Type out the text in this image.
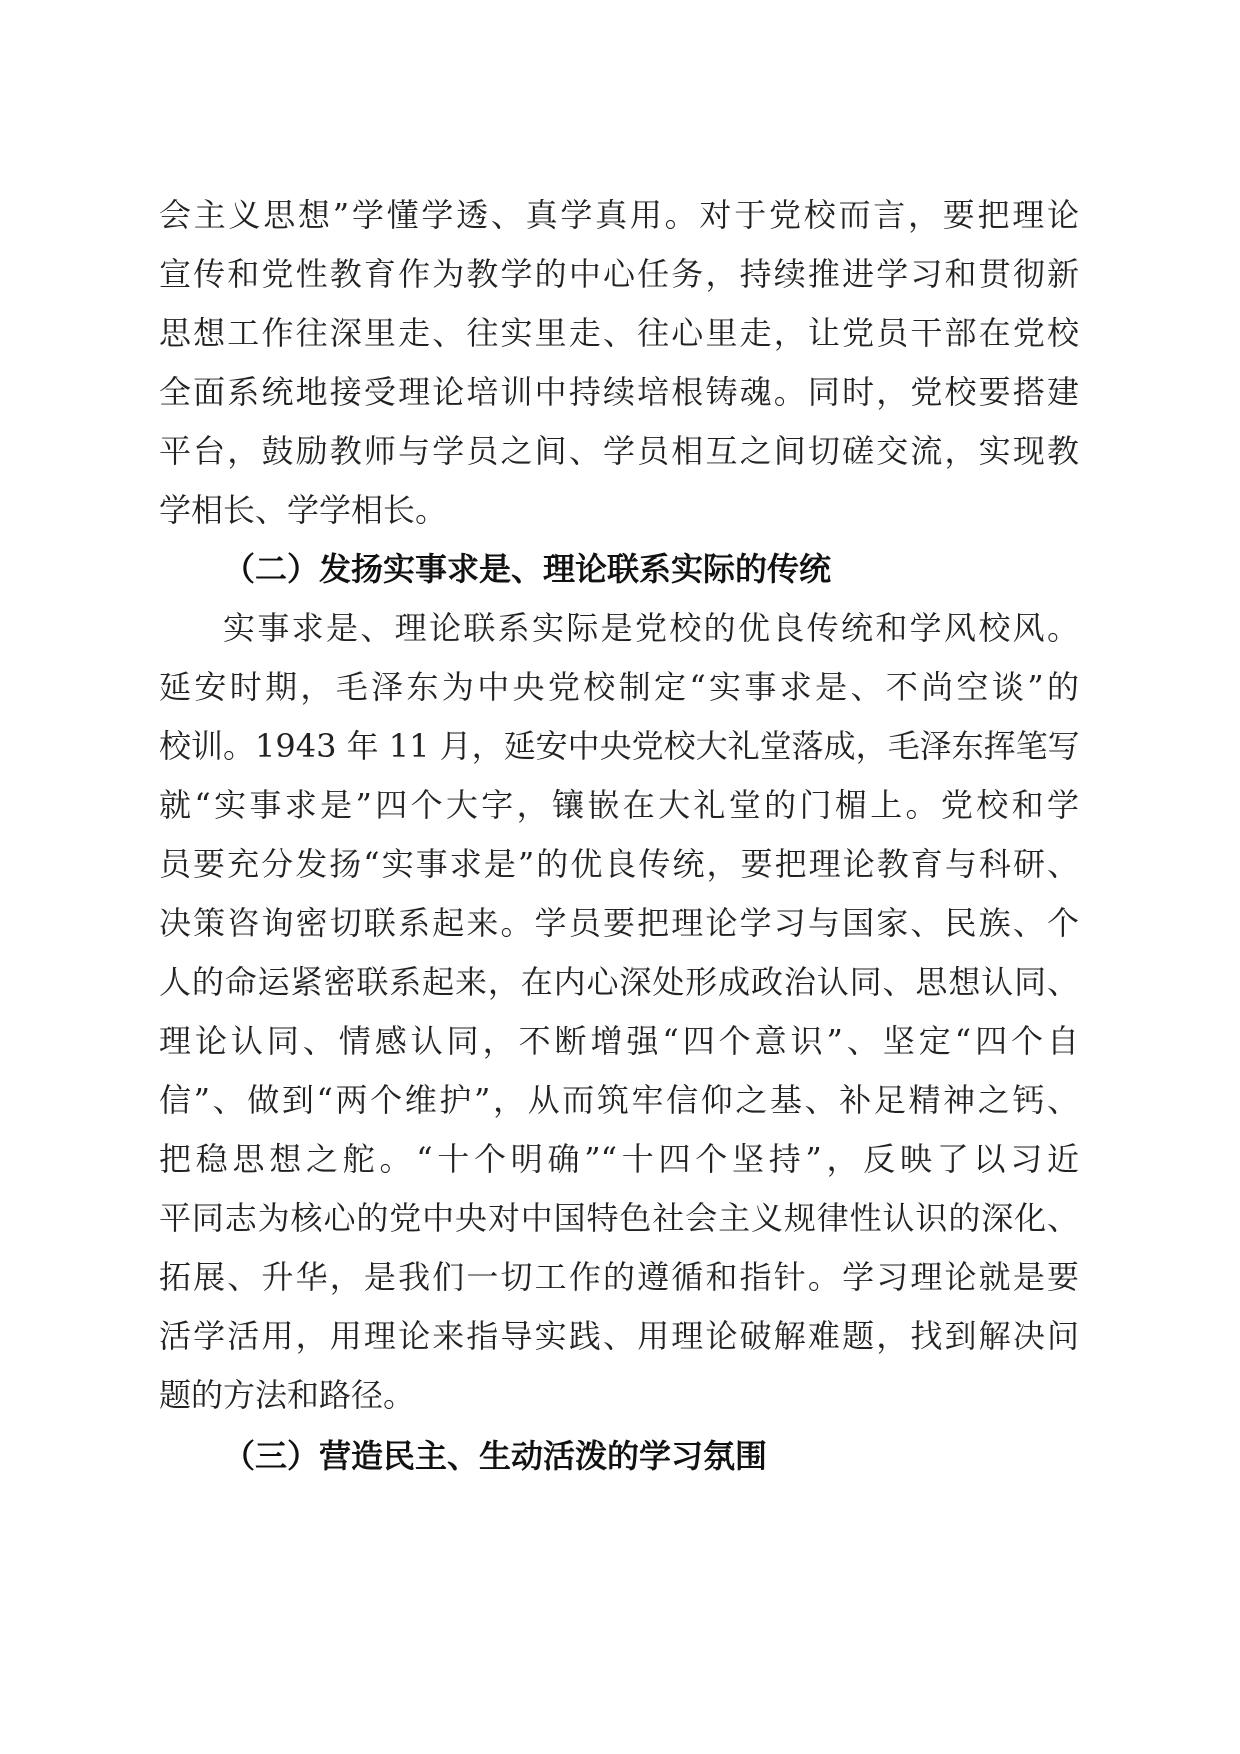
会主义思想”学懂学透、真学真用。对于党校而言，要把理论
宣传和党性教育作为教学的中心任务，持续推进学习和贯彻新
思想工作往深里走、往实里走、往心里走，让党员干部在党校
全面系统地接受理论培训中持续培根铸魂。同时，党校要搭建
平台，鼓励教师与学员之间、学员相互之间切磋交流，实现教
学相长、学学相长。
（二）发扬实事求是、理论联系实际的传统
实事求是、理论联系实际是党校的优良传统和学风校风。
延安时期，毛泽东为中央党校制定“实事求是、不尚空谈”的
校训。1943 年 11 月，延安中央党校大礼堂落成，毛泽东挥笔写
就“实事求是”四个大字，镶嵌在大礼堂的门楣上。党校和学
员要充分发扬“实事求是”的优良传统，要把理论教育与科研、
决策咨询密切联系起来。学员要把理论学习与国家、民族、个
人的命运紧密联系起来，在内心深处形成政治认同、思想认同、
理论认同、情感认同，不断增强“四个意识”、坚定“四个自
信”、做到“两个维护”，从而筑牢信仰之基、补足精神之钙、
把稳思想之舵。“十个明确”“十四个坚持”，反映了以习近
平同志为核心的党中央对中国特色社会主义规律性认识的深化、
拓展、升华，是我们一切工作的遵循和指针。学习理论就是要
活学活用，用理论来指导实践、用理论破解难题，找到解决问
题的方法和路径。
（三）营造民主、生动活泼的学习氛围
